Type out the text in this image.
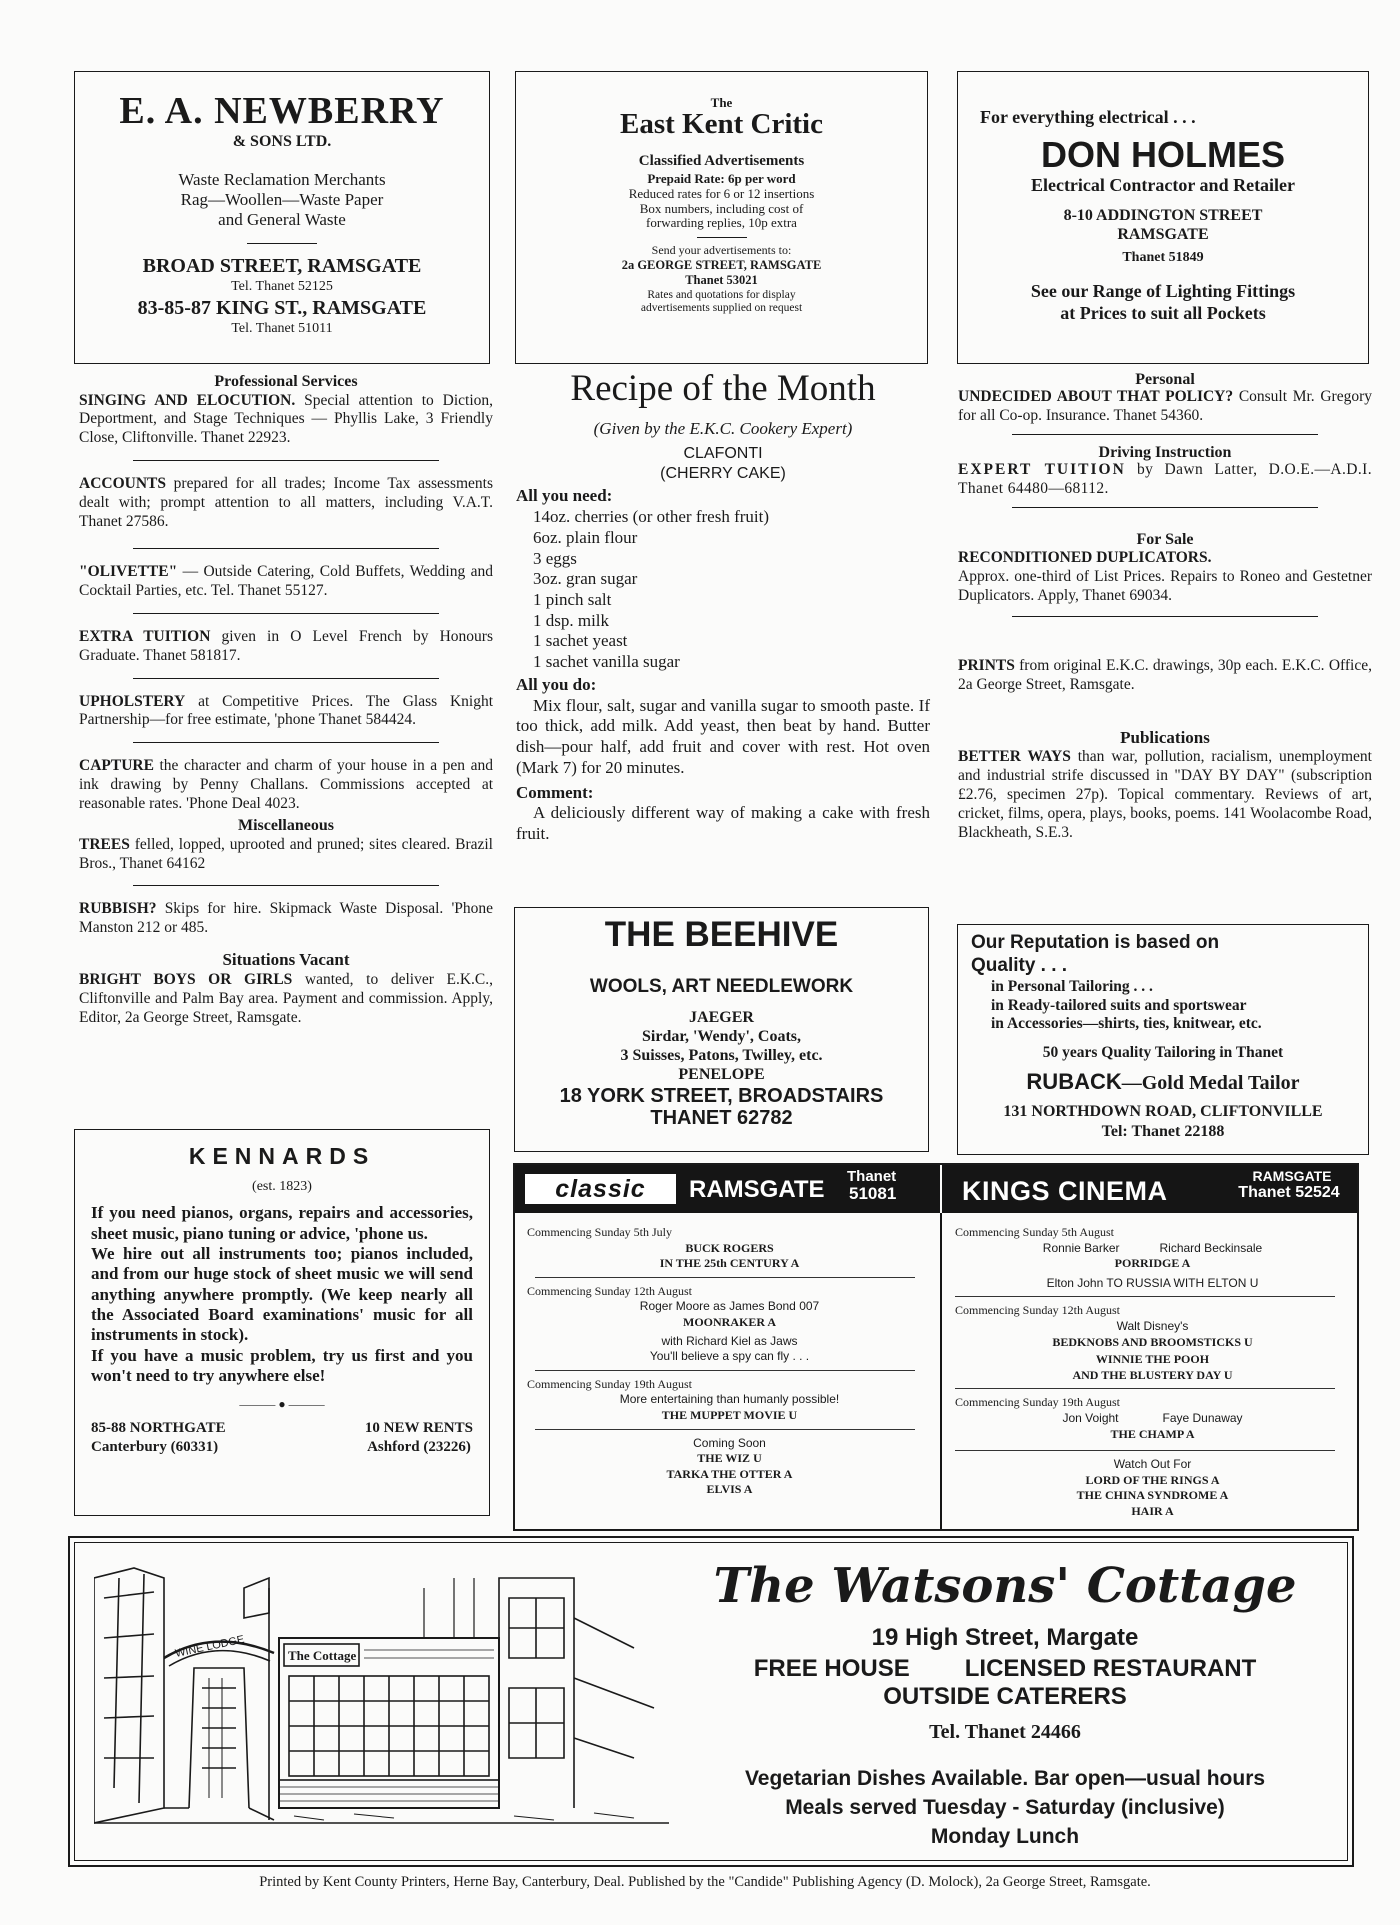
E. A. NEWBERRY
& SONS LTD.
Waste Reclamation Merchants
Rag—Woollen—Waste Paper
and General Waste
BROAD STREET, RAMSGATE
Tel. Thanet 52125
83-85-87 KING ST., RAMSGATE
Tel. Thanet 51011
The
East Kent Critic
Classified Advertisements
Prepaid Rate: 6p per word
Reduced rates for 6 or 12 insertions
Box numbers, including cost of
forwarding replies, 10p extra
Send your advertisements to:
2a GEORGE STREET, RAMSGATE
Thanet 53021
Rates and quotations for display
advertisements supplied on request
For everything electrical . . .
DON HOLMES
Electrical Contractor and Retailer
8-10 ADDINGTON STREET
RAMSGATE
Thanet 51849
See our Range of Lighting Fittings
at Prices to suit all Pockets
Professional Services
SINGING AND ELOCUTION. Special attention to Diction, Deportment, and Stage Techniques — Phyllis Lake, 3 Friendly Close, Cliftonville. Thanet 22923.
ACCOUNTS prepared for all trades; Income Tax assessments dealt with; prompt attention to all matters, including V.A.T. Thanet 27586.
"OLIVETTE" — Outside Catering, Cold Buffets, Wedding and Cocktail Parties, etc. Tel. Thanet 55127.
EXTRA TUITION given in O Level French by Honours Graduate. Thanet 581817.
UPHOLSTERY at Competitive Prices. The Glass Knight Partnership—for free estimate, 'phone Thanet 584424.
CAPTURE the character and charm of your house in a pen and ink drawing by Penny Challans. Commissions accepted at reasonable rates. 'Phone Deal 4023.
Miscellaneous
TREES felled, lopped, uprooted and pruned; sites cleared. Brazil Bros., Thanet 64162
RUBBISH? Skips for hire. Skipmack Waste Disposal. 'Phone Manston 212 or 485.
Situations Vacant
BRIGHT BOYS OR GIRLS wanted, to deliver E.K.C., Cliftonville and Palm Bay area. Payment and commission. Apply, Editor, 2a George Street, Ramsgate.
KENNARDS
(est. 1823)
If you need pianos, organs, repairs and accessories, sheet music, piano tuning or advice, 'phone us.
We hire out all instruments too; pianos included, and from our huge stock of sheet music we will send anything anywhere promptly. (We keep nearly all the Associated Board examinations' music for all instruments in stock).
If you have a music problem, try us first and you won't need to try anywhere else!
——— ● ———
85-88 NORTHGATE
Canterbury (60331)
10 NEW RENTS
Ashford (23226)
Recipe of the Month
(Given by the E.K.C. Cookery Expert)
CLAFONTI
(CHERRY CAKE)
All you need:
14oz. cherries (or other fresh fruit)
6oz. plain flour
3 eggs
3oz. gran sugar
1 pinch salt
1 dsp. milk
1 sachet yeast
1 sachet vanilla sugar
All you do:
Mix flour, salt, sugar and vanilla sugar to smooth paste. If too thick, add milk. Add yeast, then beat by hand. Butter dish—pour half, add fruit and cover with rest. Hot oven (Mark 7) for 20 minutes.
Comment:
A deliciously different way of making a cake with fresh fruit.
THE BEEHIVE
WOOLS, ART NEEDLEWORK
JAEGER
Sirdar, 'Wendy', Coats,
3 Suisses, Patons, Twilley, etc.
PENELOPE
18 YORK STREET, BROADSTAIRS
THANET 62782
Personal
UNDECIDED ABOUT THAT POLICY? Consult Mr. Gregory for all Co-op. Insurance. Thanet 54360.
Driving Instruction
EXPERT TUITION by Dawn Latter, D.O.E.—A.D.I. Thanet 64480—68112.
For Sale
RECONDITIONED DUPLICATORS.
Approx. one-third of List Prices. Repairs to Roneo and Gestetner Duplicators. Apply, Thanet 69034.
PRINTS from original E.K.C. drawings, 30p each. E.K.C. Office, 2a George Street, Ramsgate.
Publications
BETTER WAYS than war, pollution, racialism, unemployment and industrial strife discussed in "DAY BY DAY" (subscription £2.76, specimen 27p). Topical commentary. Reviews of art, cricket, films, opera, plays, books, poems. 141 Woolacombe Road, Blackheath, S.E.3.
Our Reputation is based on
Quality . . .
in Personal Tailoring . . .
in Ready-tailored suits and sportswear
in Accessories—shirts, ties, knitwear, etc.
50 years Quality Tailoring in Thanet
RUBACK—Gold Medal Tailor
131 NORTHDOWN ROAD, CLIFTONVILLE
Tel: Thanet 22188
classic	RAMSGATE Thanet
51081 KINGS CINEMA	RAMSGATE
Thanet 52524
Commencing Sunday 5th July
BUCK ROGERS
IN THE 25th CENTURY A
Commencing Sunday 12th August
Roger Moore as James Bond 007
MOONRAKER A
with Richard Kiel as Jaws
You'll believe a spy can fly . . .
Commencing Sunday 19th August
More entertaining than humanly possible!
THE MUPPET MOVIE U
Coming Soon
THE WIZ U
TARKA THE OTTER A
ELVIS A
Commencing Sunday 5th August
Ronnie Barker	Richard Beckinsale
PORRIDGE A
Elton John TO RUSSIA WITH ELTON U
Commencing Sunday 12th August
Walt Disney's
BEDKNOBS AND BROOMSTICKS U
WINNIE THE POOH
AND THE BLUSTERY DAY U
Commencing Sunday 19th August
Jon Voight	Faye Dunaway
THE CHAMP A
Watch Out For
LORD OF THE RINGS A
THE CHINA SYNDROME A
HAIR A
WINE LODGE	The Cottage
The Watsons' Cottage
19 High Street, Margate
FREE HOUSE LICENSED RESTAURANT
OUTSIDE CATERERS
Tel. Thanet 24466
Vegetarian Dishes Available. Bar open—usual hours
Meals served Tuesday - Saturday (inclusive)
Monday Lunch
Printed by Kent County Printers, Herne Bay, Canterbury, Deal. Published by the "Candide" Publishing Agency (D. Molock), 2a George Street, Ramsgate.
